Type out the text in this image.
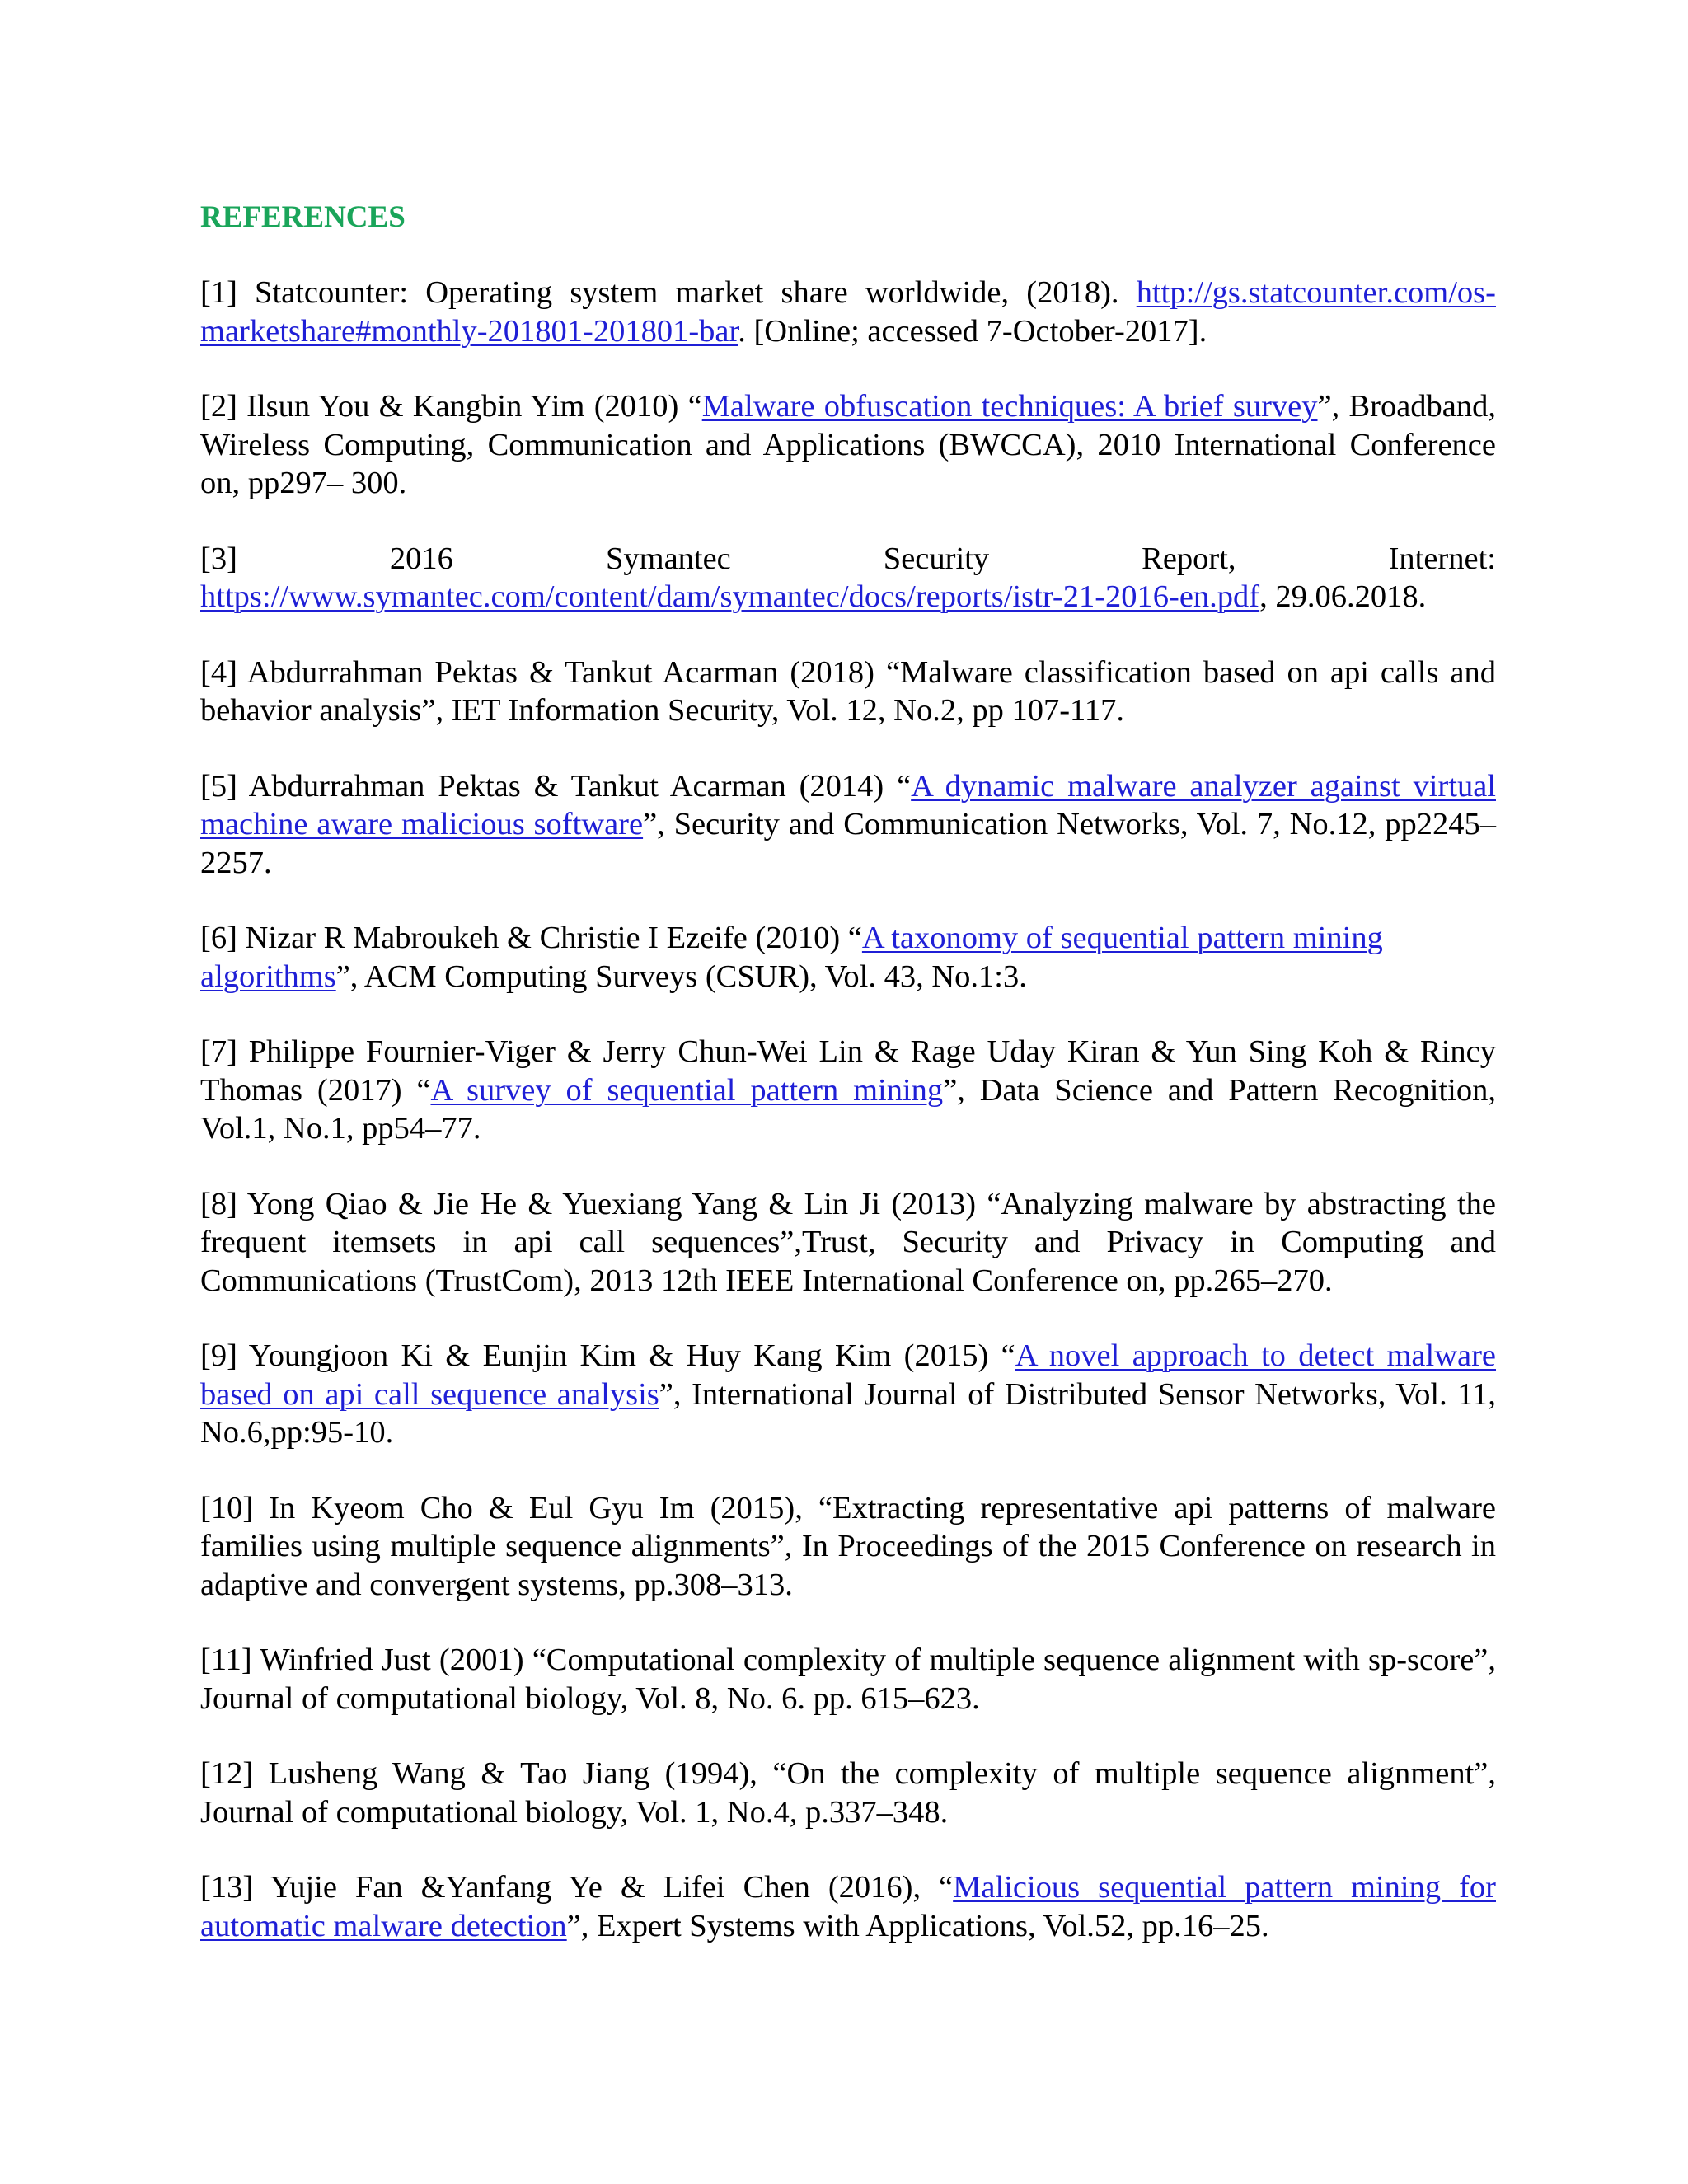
REFERENCES

[1] Statcounter: Operating system market share worldwide, (2018). http://gs.statcounter.com/os-marketshare#monthly-201801-201801-bar. [Online; accessed 7-October-2017].

[2] Ilsun You & Kangbin Yim (2010) “Malware obfuscation techniques: A brief survey”, Broadband, Wireless Computing, Communication and Applications (BWCCA), 2010 International Conference on, pp297– 300.

[3] 2016 Symantec Security Report, Internet:
https://www.symantec.com/content/dam/symantec/docs/reports/istr-21-2016-en.pdf, 29.06.2018.

[4] Abdurrahman Pektas & Tankut Acarman (2018) “Malware classification based on api calls and behavior analysis”, IET Information Security, Vol. 12, No.2, pp 107-117.

[5] Abdurrahman Pektas & Tankut Acarman (2014) “A dynamic malware analyzer against virtual machine aware malicious software”, Security and Communication Networks, Vol. 7, No.12, pp2245–2257.

[6] Nizar R Mabroukeh & Christie I Ezeife (2010) “A taxonomy of sequential pattern mining algorithms”, ACM Computing Surveys (CSUR), Vol. 43, No.1:3.

[7] Philippe Fournier-Viger & Jerry Chun-Wei Lin & Rage Uday Kiran & Yun Sing Koh & Rincy Thomas (2017) “A survey of sequential pattern mining”, Data Science and Pattern Recognition, Vol.1, No.1, pp54–77.

[8] Yong Qiao & Jie He & Yuexiang Yang & Lin Ji (2013) “Analyzing malware by abstracting the frequent itemsets in api call sequences”,Trust, Security and Privacy in Computing and Communications (TrustCom), 2013 12th IEEE International Conference on, pp.265–270.

[9] Youngjoon Ki & Eunjin Kim & Huy Kang Kim (2015) “A novel approach to detect malware based on api call sequence analysis”, International Journal of Distributed Sensor Networks, Vol. 11, No.6,pp:95-10.

[10] In Kyeom Cho & Eul Gyu Im (2015), “Extracting representative api patterns of malware families using multiple sequence alignments”, In Proceedings of the 2015 Conference on research in adaptive and convergent systems, pp.308–313.

[11] Winfried Just (2001) “Computational complexity of multiple sequence alignment with sp-score”, Journal of computational biology, Vol. 8, No. 6. pp. 615–623.

[12] Lusheng Wang & Tao Jiang (1994), “On the complexity of multiple sequence alignment”, Journal of computational biology, Vol. 1, No.4, p.337–348.

[13] Yujie Fan &Yanfang Ye & Lifei Chen (2016), “Malicious sequential pattern mining for automatic malware detection”, Expert Systems with Applications, Vol.52, pp.16–25.
